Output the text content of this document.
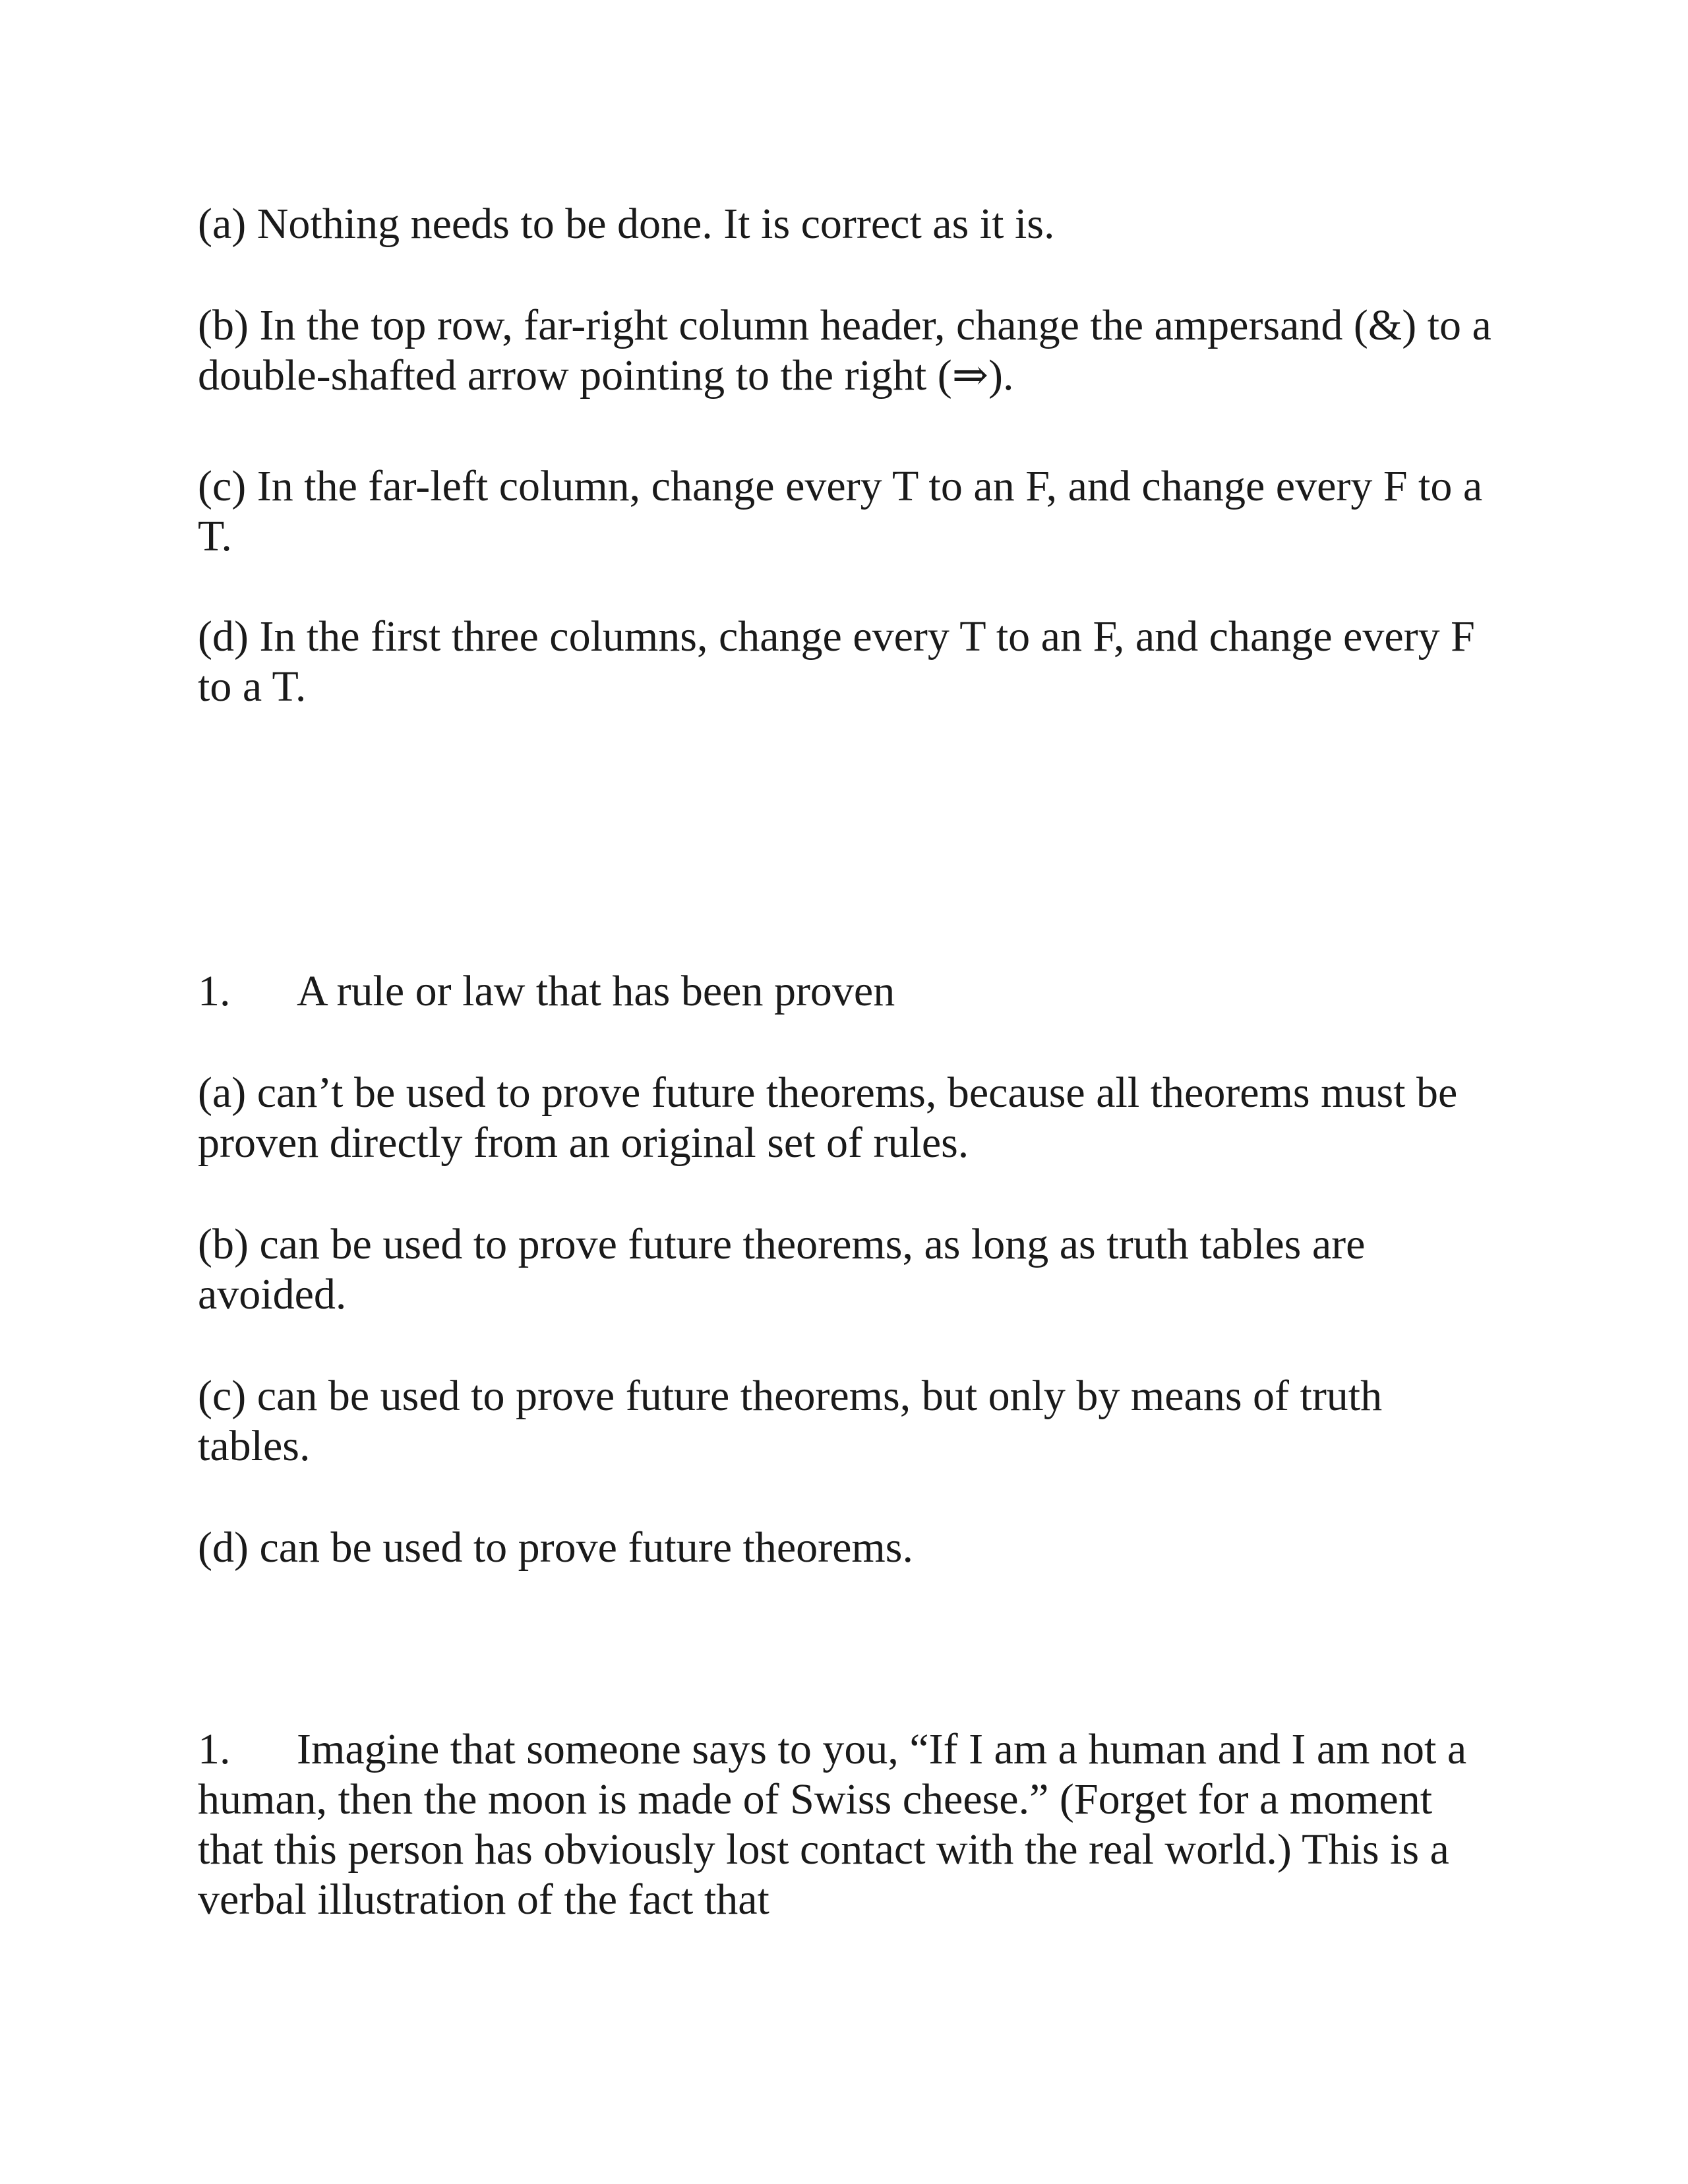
(a) Nothing needs to be done. It is correct as it is.

(b) In the top row, far-right column header, change the ampersand (&) to a double-shafted arrow pointing to the right (⇒).

(c) In the far-left column, change every T to an F, and change every F to a T.

(d) In the first three columns, change every T to an F, and change every F to a T.

1. A rule or law that has been proven

(a) can’t be used to prove future theorems, because all theorems must be proven directly from an original set of rules.

(b) can be used to prove future theorems, as long as truth tables are avoided.

(c) can be used to prove future theorems, but only by means of truth tables.

(d) can be used to prove future theorems.

1. Imagine that someone says to you, “If I am a human and I am not a human, then the moon is made of Swiss cheese.” (Forget for a moment that this person has obviously lost contact with the real world.) This is a verbal illustration of the fact that
